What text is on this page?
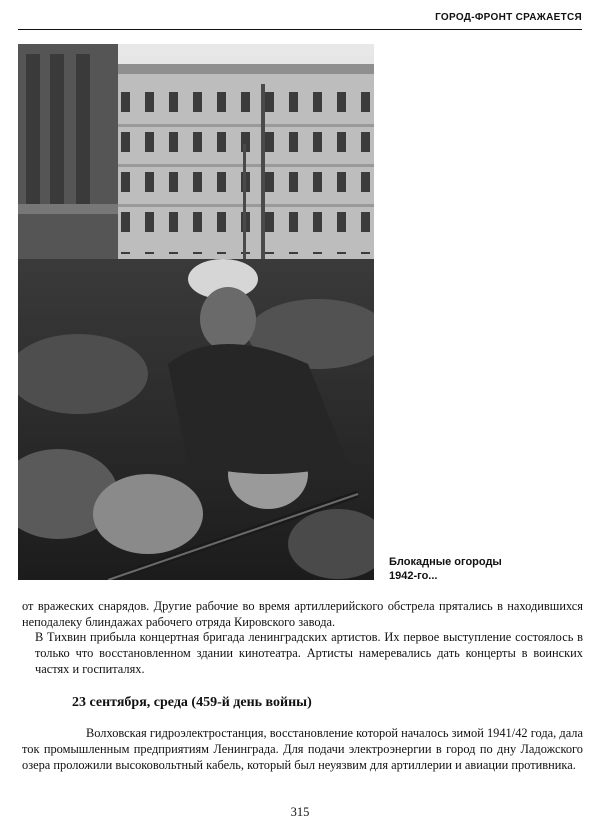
ГОРОД-ФРОНТ СРАЖАЕТСЯ
Блокадные огороды
1942-го...

от вражеских снарядов. Другие рабочие во время артиллерийского обстрела прятались в находившихся неподалеку блиндажах рабочего отряда Кировского завода.

В Тихвин прибыла концертная бригада ленинградских артистов. Их первое выступление состоялось в только что восстановленном здании кинотеатра. Артисты намеревались дать концерты в воинских частях и госпиталях.

23 сентября, среда (459-й день войны)

Волховская гидроэлектростанция, восстановление которой началось зимой 1941/42 года, дала ток промышленным предприятиям Ленинграда. Для подачи электроэнергии в город по дну Ладожского озера проложили высоковольтный кабель, который был неуязвим для артиллерии и авиации противника.

315
